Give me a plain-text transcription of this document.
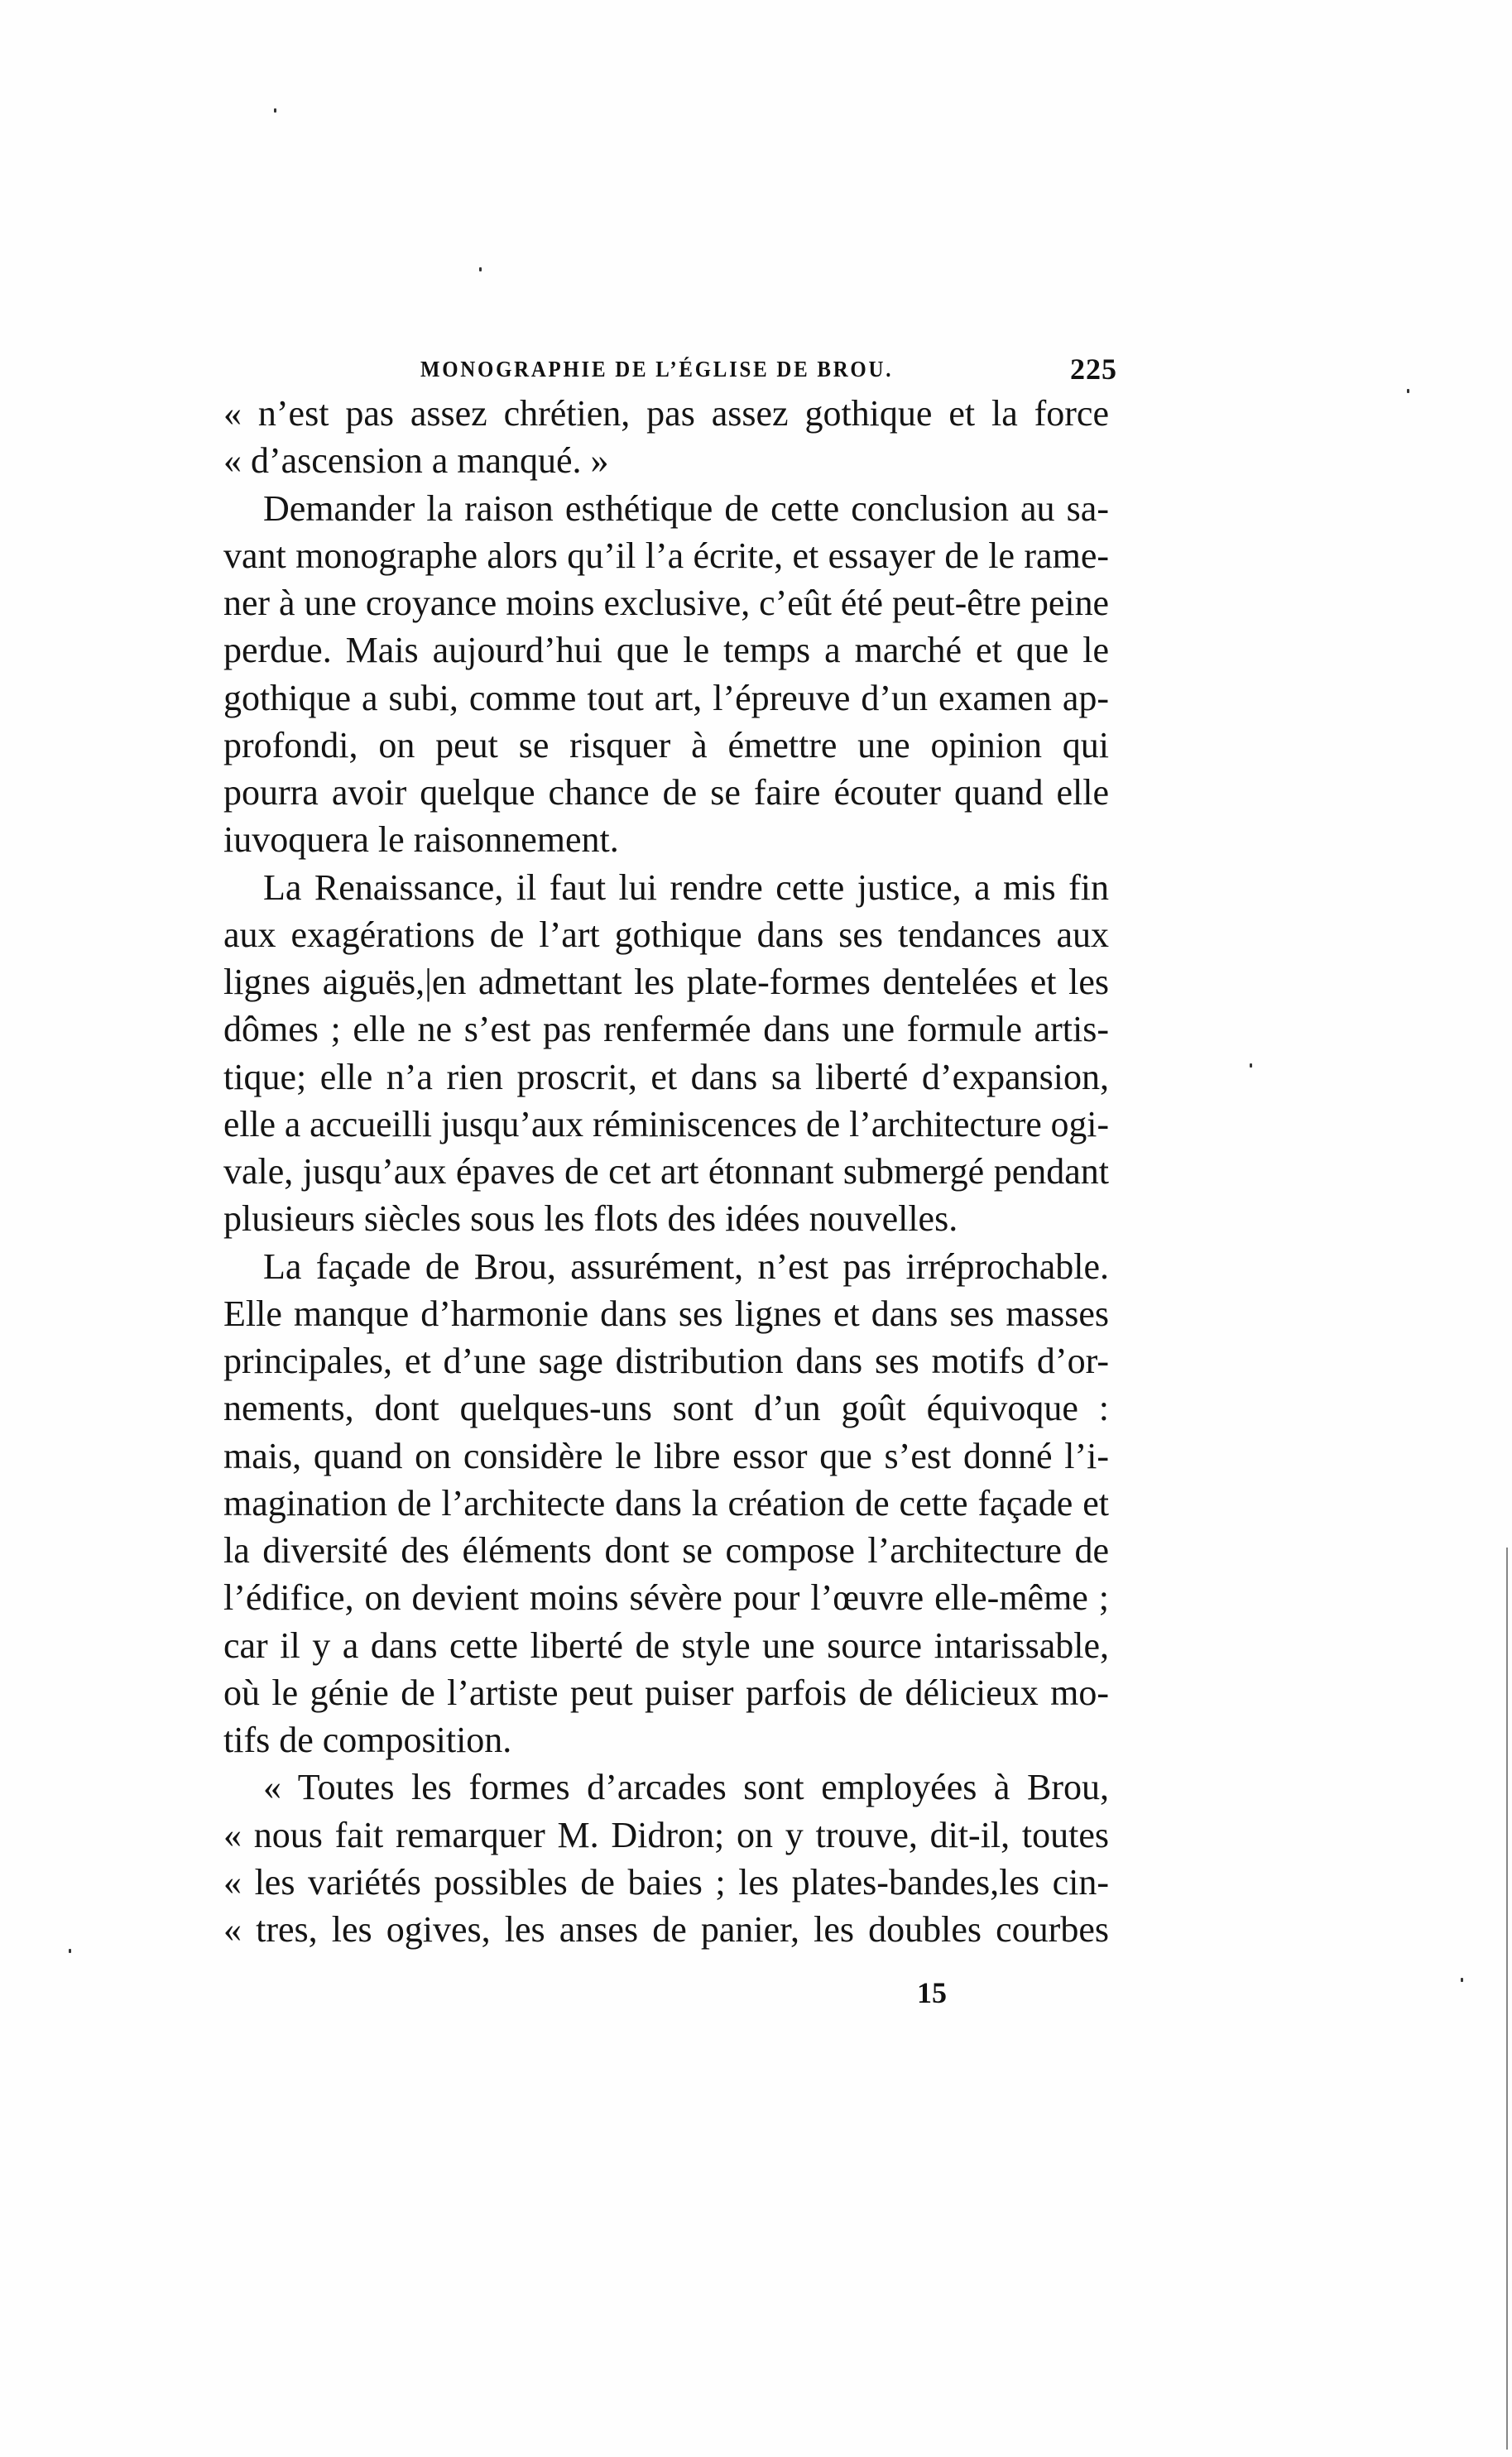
MONOGRAPHIE DE L’ÉGLISE DE BROU.	225
« n’est pas assez chrétien, pas assez gothique et la force
« d’ascension a manqué. »
Demander la raison esthétique de cette conclusion au sa-
vant monographe alors qu’il l’a écrite, et essayer de le rame-
ner à une croyance moins exclusive, c’eût été peut-être peine
perdue. Mais aujourd’hui que le temps a marché et que le
gothique a subi, comme tout art, l’épreuve d’un examen ap-
profondi, on peut se risquer à émettre une opinion qui
pourra avoir quelque chance de se faire écouter quand elle
iuvoquera le raisonnement.
La Renaissance, il faut lui rendre cette justice, a mis fin
aux exagérations de l’art gothique dans ses tendances aux
lignes aiguës,|en admettant les plate-formes dentelées et les
dômes ; elle ne s’est pas renfermée dans une formule artis-
tique; elle n’a rien proscrit, et dans sa liberté d’expansion,
elle a accueilli jusqu’aux réminiscences de l’architecture ogi-
vale, jusqu’aux épaves de cet art étonnant submergé pendant
plusieurs siècles sous les flots des idées nouvelles.
La façade de Brou, assurément, n’est pas irréprochable.
Elle manque d’harmonie dans ses lignes et dans ses masses
principales, et d’une sage distribution dans ses motifs d’or-
nements, dont quelques-uns sont d’un goût équivoque :
mais, quand on considère le libre essor que s’est donné l’i-
magination de l’architecte dans la création de cette façade et
la diversité des éléments dont se compose l’architecture de
l’édifice, on devient moins sévère pour l’œuvre elle-même ;
car il y a dans cette liberté de style une source intarissable,
où le génie de l’artiste peut puiser parfois de délicieux mo-
tifs de composition.
« Toutes les formes d’arcades sont employées à Brou,
« nous fait remarquer M. Didron; on y trouve, dit-il, toutes
« les variétés possibles de baies ; les plates-bandes,les cin-
« tres, les ogives, les anses de panier, les doubles courbes
15
